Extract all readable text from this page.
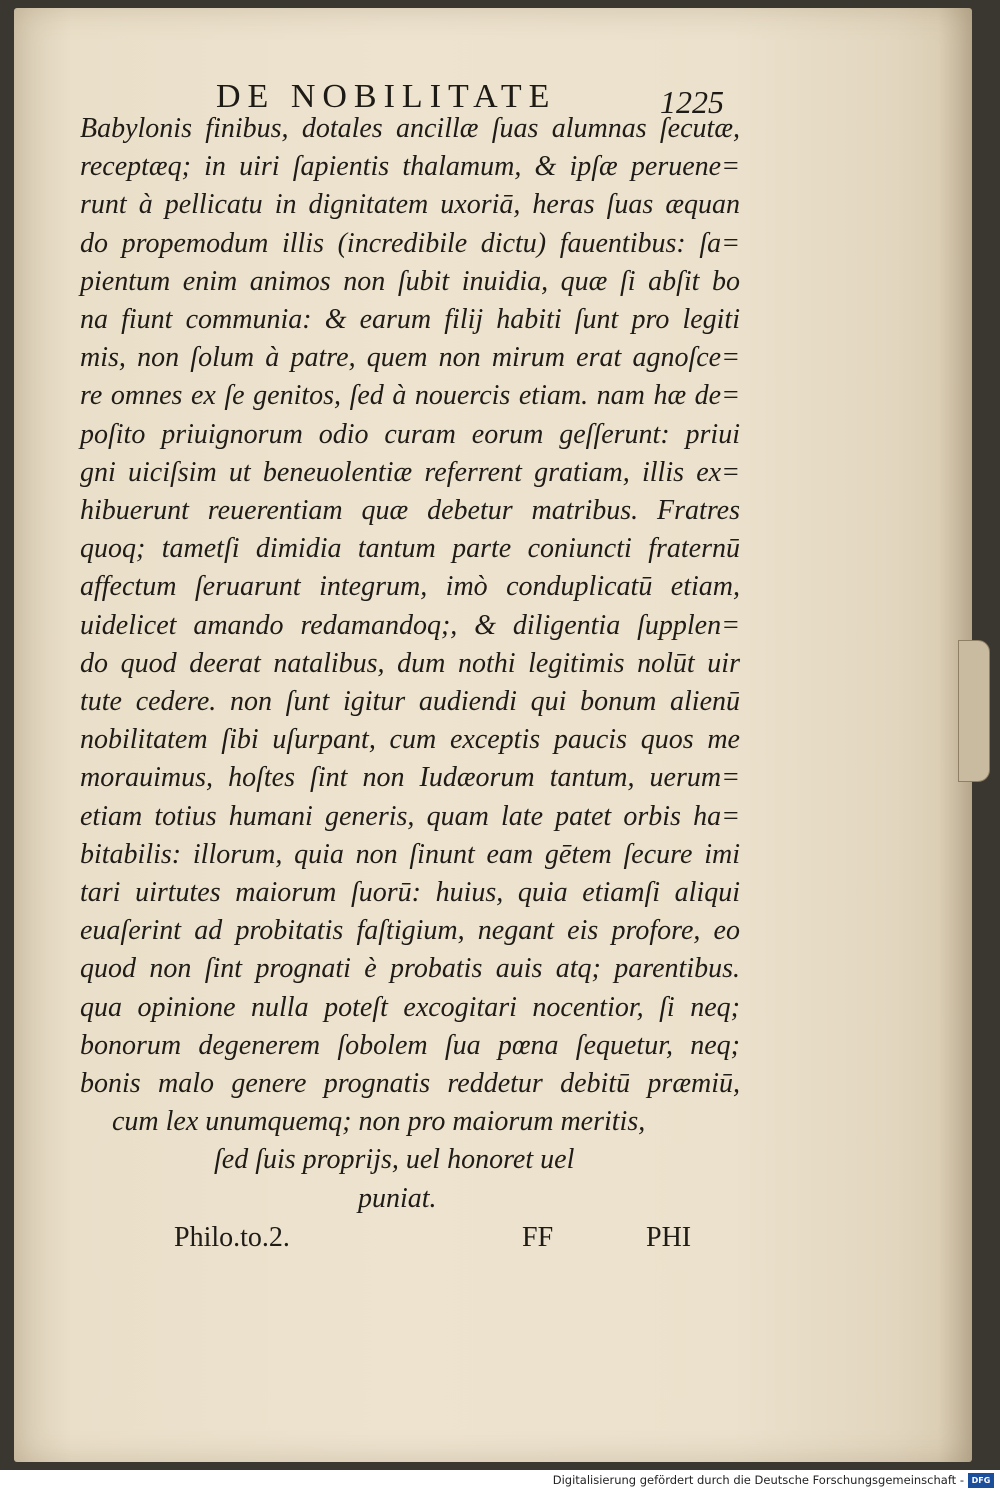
DE NOBILITATE	1225
Babylonis finibus, dotales ancillæ ſuas alumnas ſecutæ,
receptæq; in uiri ſapientis thalamum, & ipſæ peruene=
runt à pellicatu in dignitatem uxoriā, heras ſuas æquan
do propemodum illis (incredibile dictu) fauentibus: ſa=
pientum enim animos non ſubit inuidia, quæ ſi abſit bo
na fiunt communia: & earum filij habiti ſunt pro legiti
mis, non ſolum à patre, quem non mirum erat agnoſce=
re omnes ex ſe genitos, ſed à nouercis etiam. nam hæ de=
poſito priuignorum odio curam eorum geſſerunt: priui
gni uiciſsim ut beneuolentiæ referrent gratiam, illis ex=
hibuerunt reuerentiam quæ debetur matribus. Fratres
quoq; tametſi dimidia tantum parte coniuncti fraternū
affectum ſeruarunt integrum, imò conduplicatū etiam,
uidelicet amando redamandoq;, & diligentia ſupplen=
do quod deerat natalibus, dum nothi legitimis nolūt uir
tute cedere. non ſunt igitur audiendi qui bonum alienū
nobilitatem ſibi uſurpant, cum exceptis paucis quos me
morauimus, hoſtes ſint non Iudæorum tantum, uerum=
etiam totius humani generis, quam late patet orbis ha=
bitabilis: illorum, quia non ſinunt eam gētem ſecure imi
tari uirtutes maiorum ſuorū: huius, quia etiamſi aliqui
euaſerint ad probitatis faſtigium, negant eis profore, eo
quod non ſint prognati è probatis auis atq; parentibus.
qua opinione nulla poteſt excogitari nocentior, ſi neq;
bonorum degenerem ſobolem ſua pœna ſequetur, neq;
bonis malo genere prognatis reddetur debitū præmiū,
cum lex unumquemq; non pro maiorum meritis,
ſed ſuis proprijs, uel honoret uel
puniat.
Philo.to.2.	FF	PHI
Digitalisierung gefördert durch die Deutsche Forschungsgemeinschaft - DFG
